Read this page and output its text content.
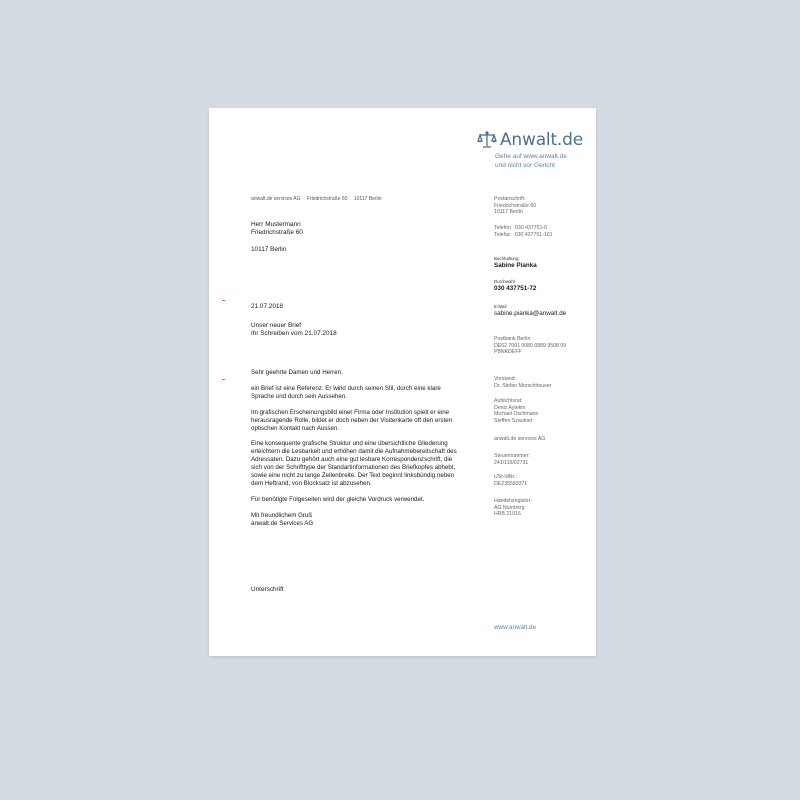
Anwalt.de
Gehe auf www.anwalt.de
und nicht vor Gericht
anwalt.de services AG Friedrichstraße 60 10117 Berlin
Herr Mustermann
Friedrichstraße 60
10117 Berlin
21.07.2018
Unser neuer Brief
Ihr Schreiben vom 21.07.2018
Sehr geehrte Damen und Herren,
ein Brief ist eine Referenz. Er wirkt durch seinen Stil, durch eine klare Sprache und durch sein Aussehen.
Im grafischen Erscheinungsbild einer Firma oder Institution spielt er eine herausragende Rolle, bildet er doch neben der Visitenkarte oft den ersten optischen Kontakt nach Aussen.
Eine konsequente grafische Struktur und eine übersichtliche Gliederung erleichtern die Lesbarkeit und erhöhen damit die Aufnahmebereitschaft des Adressaten. Dazu gehört auch eine gut lesbare Korrespondenzschrift, die sich von der Schrifttype der Standartinformationen des Briefkopfes abhebt, sowie eine nicht zu lange Zeilenbreite. Der Text beginnt linksbündig neben dem Heftrand, von Blocksatz ist abzusehen.
Für benötigte Folgeseiten wird der gleiche Vordruck verwendet.
Mit freundlichem Gruß
anwalt.de Services AG
Unterschrift
Postanschrift:
Friedrichstraße 60
10117 Berlin
Telefon   030 437751-0
Telefax   030 437751-101
Buchhaltung:
Sabine Pianka
Durchwahl
030 437751-72
E-Mail
sabine.pianka@anwalt.de
Postbank Berlin
DE62 7001 0080 0889 9508 09
PBNKDEFF
Vorstand:
Dr. Stefan Morschheuser
Aufsichtsrat:
Deniz Aytekin
Michael Oschmann
Steffen Szautner
anwalt.de services AG
Steuernummer:
241/116/02731
USt-IdNr.:
DE235583371
Handelsregister:
AG Nürnberg
HRB 21016
www.anwalt.de
